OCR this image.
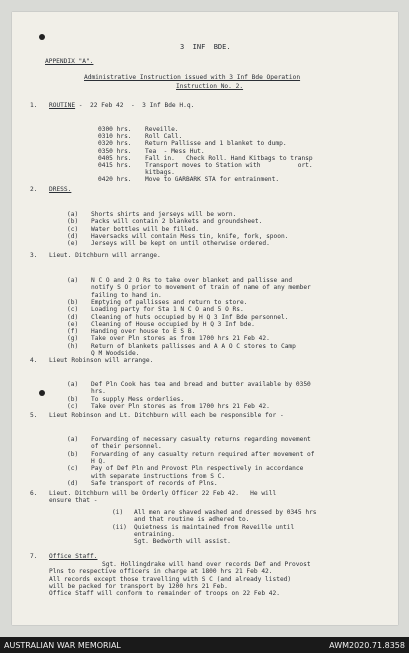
3  INF  BDE.
APPENDIX "A".
Administrative Instruction issued with 3 Inf Bde Operation
Instruction No. 2.
1. ROUTINE -  22 Feb 42  -  3 Inf Bde H.q.
0300 hrs. Reveille.
0310 hrs. Roll Call.
0320 hrs. Return Pallisse and 1 blanket to dump.
0350 hrs. Tea  - Mess Hut.
0405 hrs. Fall in.   Check Roll. Hand Kitbags to transp
0415 hrs. Transport moves to Station with          ort.
kitbags.
0420 hrs. Move to GARBARK STA for entrainment.
2. DRESS.
(a) Shorts shirts and jerseys will be worn.
(b) Packs will contain 2 blankets and groundsheet.
(c) Water bottles will be filled.
(d) Haversacks will contain Mess tin, knife, fork, spoon.
(e) Jerseys will be kept on until otherwise ordered.
3. Lieut. Ditchburn will arrange.
(a) N C O and 2 O Rs to take over blanket and pallisse and
notify S O prior to movement of train of name of any member
failing to hand in.
(b) Emptying of pallisses and return to store.
(c) Loading party for Sta 1 N C O and 5 O Rs.
(d) Cleaning of huts occupied by H Q 3 Inf Bde personnel.
(e) Cleaning of House occupied by H Q 3 Inf bde.
(f) Handing over house to E S B.
(g) Take over Pln stores as from 1700 hrs 21 Feb 42.
(h) Return of blankets pallisses and A A O C stores to Camp
Q M Woodside.
4. Lieut Robinson will arrange.
(a) Def Pln Cook has tea and bread and butter available by 0350
hrs.
(b) To supply Mess orderlies.
(c) Take over Pln stores as from 1700 hrs 21 Feb 42.
5. Lieut Robinson and Lt. Ditchburn will each be responsible for -
(a) Forwarding of necessary casualty returns regarding movement
of their personnel.
(b) Forwarding of any casualty return required after movement of
H Q.
(c) Pay of Def Pln and Provost Pln respectively in accordance
with separate instructions from S C.
(d) Safe transport of records of Plns.
6. Lieut. Ditchburn will be Orderly Officer 22 Feb 42.   He will
ensure that -
(i) All men are shaved washed and dressed by 0345 hrs
and that routine is adhered to.
(ii) Quietness is maintained from Reveille until
entraining.
Sgt. Bedworth will assist.
7. Office Staff.
Sgt. Hollingdrake will hand over records Def and Provost
Plns to respective officers in charge at 1800 hrs 21 Feb 42.
All records except those travelling with S C (and already listed)
will be packed for transport by 1200 hrs 21 Feb.
Office Staff will conform to remainder of troops on 22 Feb 42.
AUSTRALIAN WAR MEMORIAL	AWM2020.71.8358
